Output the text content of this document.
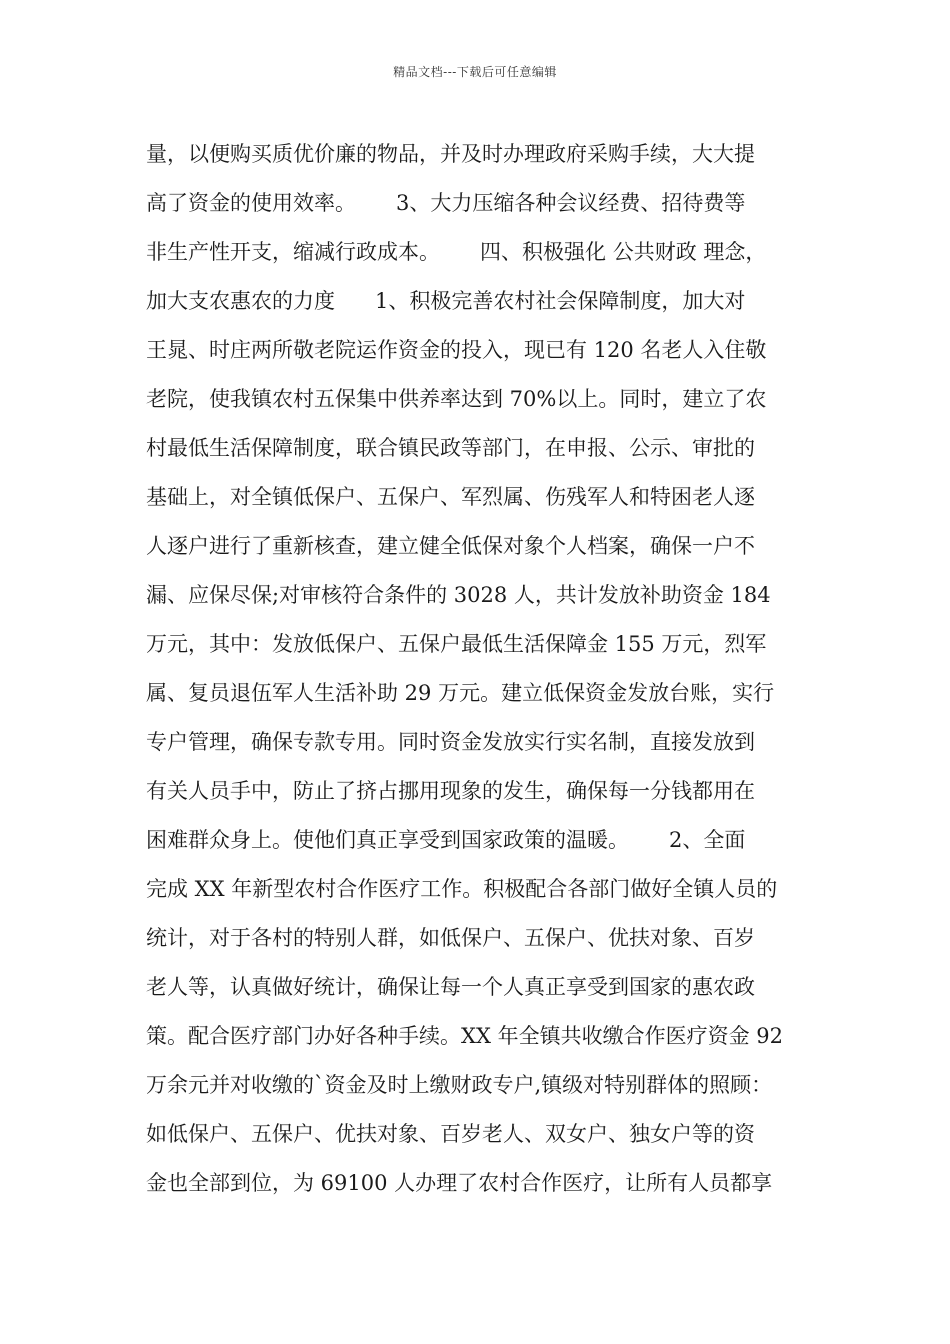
精品文档---下载后可任意编辑
量，以便购买质优价廉的物品，并及时办理政府采购手续，大大提
高了资金的使用效率。      3、大力压缩各种会议经费、招待费等
非生产性开支，缩减行政成本。      四、积极强化 公共财政 理念，
加大支农惠农的力度      1、积极完善农村社会保障制度，加大对
王晁、时庄两所敬老院运作资金的投入，现已有 120 名老人入住敬
老院，使我镇农村五保集中供养率达到 70%以上。同时，建立了农
村最低生活保障制度，联合镇民政等部门，在申报、公示、审批的
基础上，对全镇低保户、五保户、军烈属、伤残军人和特困老人逐
人逐户进行了重新核查，建立健全低保对象个人档案，确保一户不
漏、应保尽保;对审核符合条件的 3028 人，共计发放补助资金 184
万元，其中：发放低保户、五保户最低生活保障金 155 万元，烈军
属、复员退伍军人生活补助 29 万元。建立低保资金发放台账，实行
专户管理，确保专款专用。同时资金发放实行实名制，直接发放到
有关人员手中，防止了挤占挪用现象的发生，确保每一分钱都用在
困难群众身上。使他们真正享受到国家政策的温暖。      2、全面
完成 XX 年新型农村合作医疗工作。积极配合各部门做好全镇人员的
统计，对于各村的特别人群，如低保户、五保户、优扶对象、百岁
老人等，认真做好统计，确保让每一个人真正享受到国家的惠农政
策。配合医疗部门办好各种手续。XX 年全镇共收缴合作医疗资金 92
万余元并对收缴的`资金及时上缴财政专户,镇级对特别群体的照顾：
如低保户、五保户、优扶对象、百岁老人、双女户、独女户等的资
金也全部到位，为 69100 人办理了农村合作医疗，让所有人员都享
